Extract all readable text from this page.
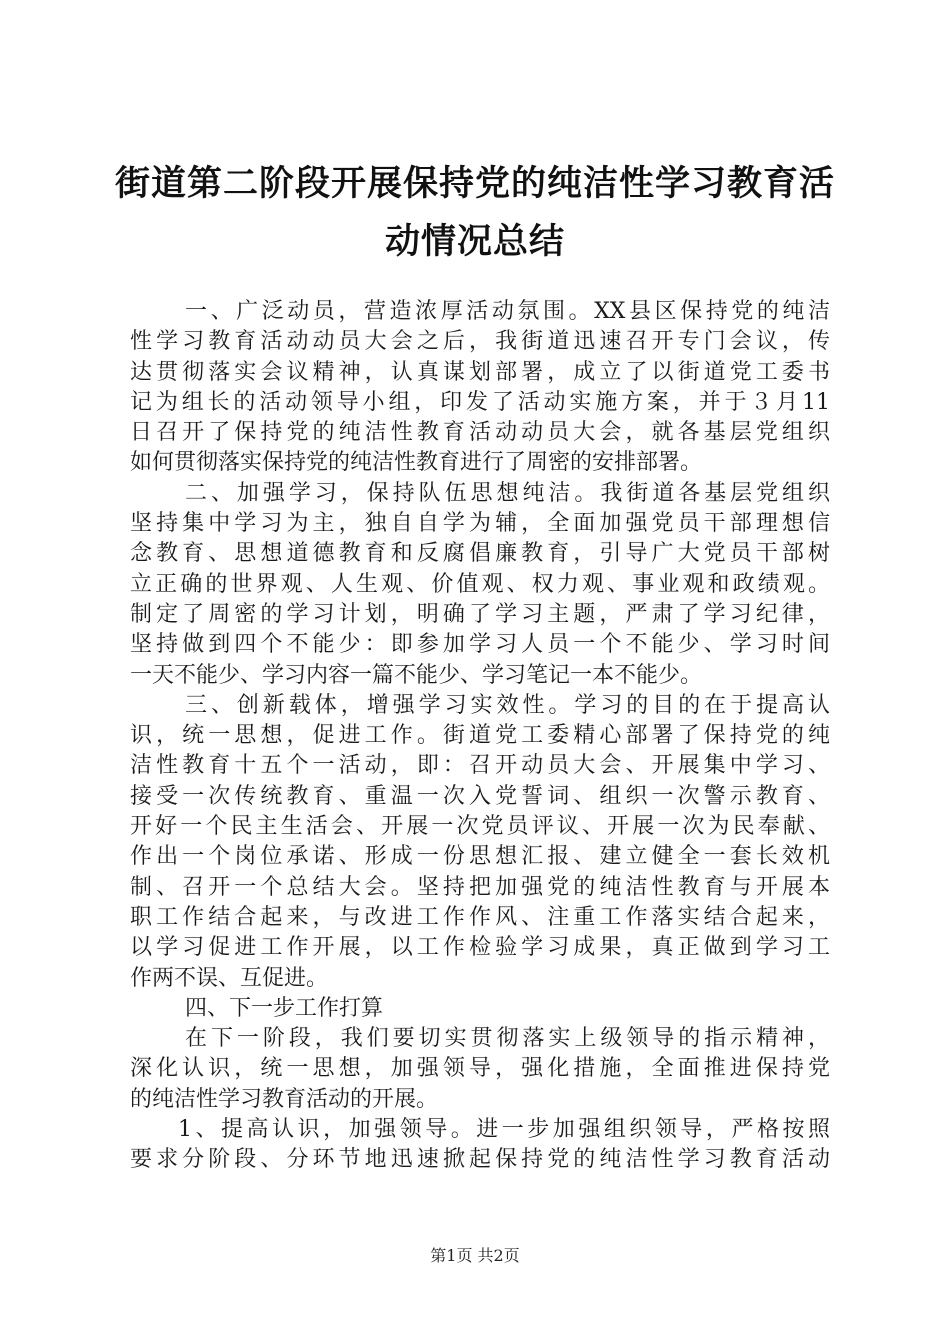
街道第二阶段开展保持党的纯洁性学习教育活
动情况总结
一、广泛动员，营造浓厚活动氛围。XX县区保持党的纯洁
性学习教育活动动员大会之后，我街道迅速召开专门会议，传
达贯彻落实会议精神，认真谋划部署，成立了以街道党工委书
记为组长的活动领导小组，印发了活动实施方案，并于３月11
日召开了保持党的纯洁性教育活动动员大会，就各基层党组织
如何贯彻落实保持党的纯洁性教育进行了周密的安排部署。
二、加强学习，保持队伍思想纯洁。我街道各基层党组织
坚持集中学习为主，独自自学为辅，全面加强党员干部理想信
念教育、思想道德教育和反腐倡廉教育，引导广大党员干部树
立正确的世界观、人生观、价值观、权力观、事业观和政绩观。
制定了周密的学习计划，明确了学习主题，严肃了学习纪律，
坚持做到四个不能少：即参加学习人员一个不能少、学习时间
一天不能少、学习内容一篇不能少、学习笔记一本不能少。
三、创新载体，增强学习实效性。学习的目的在于提高认
识，统一思想，促进工作。街道党工委精心部署了保持党的纯
洁性教育十五个一活动，即：召开动员大会、开展集中学习、
接受一次传统教育、重温一次入党誓词、组织一次警示教育、
开好一个民主生活会、开展一次党员评议、开展一次为民奉献、
作出一个岗位承诺、形成一份思想汇报、建立健全一套长效机
制、召开一个总结大会。坚持把加强党的纯洁性教育与开展本
职工作结合起来，与改进工作作风、注重工作落实结合起来，
以学习促进工作开展，以工作检验学习成果，真正做到学习工
作两不误、互促进。
四、下一步工作打算
在下一阶段，我们要切实贯彻落实上级领导的指示精神，
深化认识，统一思想，加强领导，强化措施，全面推进保持党
的纯洁性学习教育活动的开展。
1、提高认识，加强领导。进一步加强组织领导，严格按照
要求分阶段、分环节地迅速掀起保持党的纯洁性学习教育活动
第1页 共2页
